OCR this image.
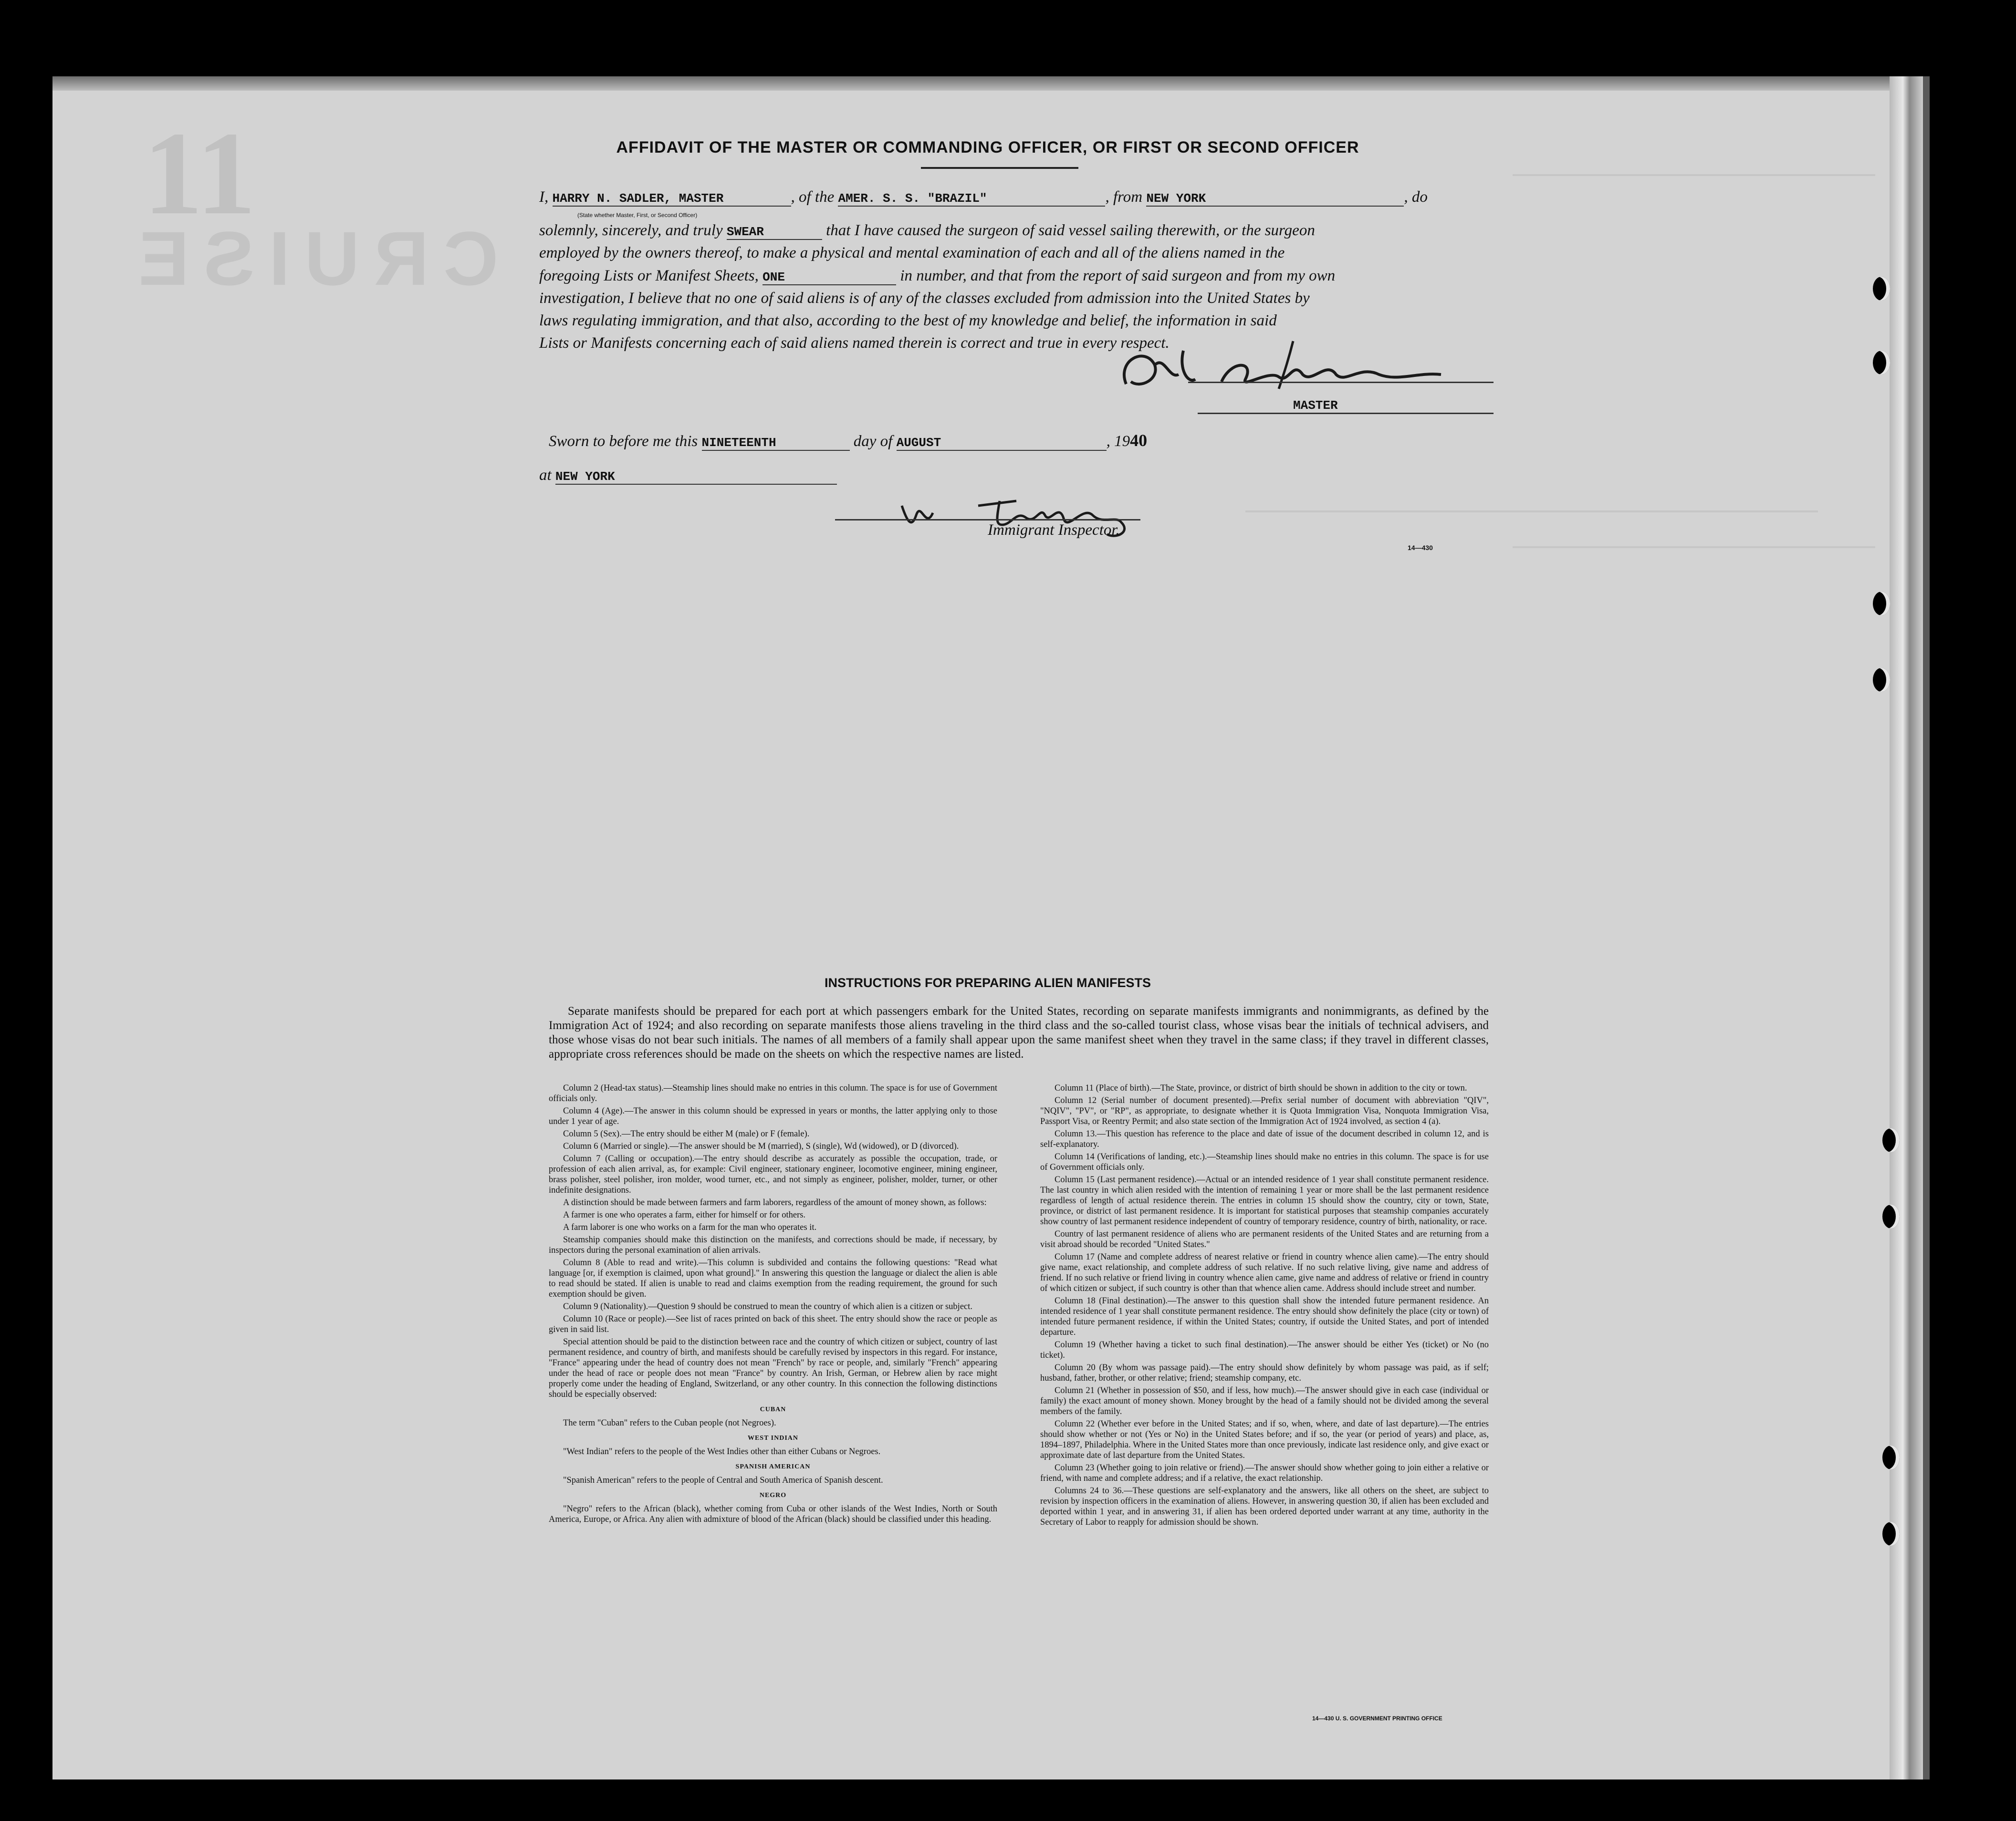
11
CRUISE
AFFIDAVIT OF THE MASTER OR COMMANDING OFFICER, OR FIRST OR SECOND OFFICER
I, HARRY N. SADLER, MASTER	, of the AMER. S. S. "BRAZIL"	, from NEW YORK	, do
(State whether Master, First, or Second Officer)
solemnly, sincerely, and truly SWEAR	that I have caused the surgeon of said vessel sailing therewith, or the surgeon
employed by the owners thereof, to make a physical and mental examination of each and all of the aliens named in the
foregoing Lists or Manifest Sheets, ONE	in number, and that from the report of said surgeon and from my own
investigation, I believe that no one of said aliens is of any of the classes excluded from admission into the United States by
laws regulating immigration, and that also, according to the best of my knowledge and belief, the information in said
Lists or Manifests concerning each of said aliens named therein is correct and true in every respect.
MASTER
Sworn to before me this NINETEENTH	day of AUGUST	, 1940
at NEW YORK
Immigrant Inspector.
14—430
INSTRUCTIONS FOR PREPARING ALIEN MANIFESTS
Separate manifests should be prepared for each port at which passengers embark for the United States, recording on separate manifests immigrants and nonimmigrants, as defined by the Immigration Act of 1924; and also recording on separate manifests those aliens traveling in the third class and the so-called tourist class, whose visas bear the initials of technical advisers, and those whose visas do not bear such initials. The names of all members of a family shall appear upon the same manifest sheet when they travel in the same class; if they travel in different classes, appropriate cross references should be made on the sheets on which the respective names are listed.

Column 2 (Head-tax status).—Steamship lines should make no entries in this column. The space is for use of Government officials only.

Column 4 (Age).—The answer in this column should be expressed in years or months, the latter applying only to those under 1 year of age.

Column 5 (Sex).—The entry should be either M (male) or F (female).

Column 6 (Married or single).—The answer should be M (married), S (single), Wd (widowed), or D (divorced).

Column 7 (Calling or occupation).—The entry should describe as accurately as possible the occupation, trade, or profession of each alien arrival, as, for example: Civil engineer, stationary engineer, locomotive engineer, mining engineer, brass polisher, steel polisher, iron molder, wood turner, etc., and not simply as engineer, polisher, molder, turner, or other indefinite designations.

A distinction should be made between farmers and farm laborers, regardless of the amount of money shown, as follows:

A farmer is one who operates a farm, either for himself or for others.

A farm laborer is one who works on a farm for the man who operates it.

Steamship companies should make this distinction on the manifests, and corrections should be made, if necessary, by inspectors during the personal examination of alien arrivals.

Column 8 (Able to read and write).—This column is subdivided and contains the following questions: "Read what language [or, if exemption is claimed, upon what ground]." In answering this question the language or dialect the alien is able to read should be stated. If alien is unable to read and claims exemption from the reading requirement, the ground for such exemption should be given.

Column 9 (Nationality).—Question 9 should be construed to mean the country of which alien is a citizen or subject.

Column 10 (Race or people).—See list of races printed on back of this sheet. The entry should show the race or people as given in said list.

Special attention should be paid to the distinction between race and the country of which citizen or subject, country of last permanent residence, and country of birth, and manifests should be carefully revised by inspectors in this regard. For instance, "France" appearing under the head of country does not mean "French" by race or people, and, similarly "French" appearing under the head of race or people does not mean "France" by country. An Irish, German, or Hebrew alien by race might properly come under the heading of England, Switzerland, or any other country. In this connection the following distinctions should be especially observed:

CUBAN

The term "Cuban" refers to the Cuban people (not Negroes).

WEST INDIAN

"West Indian" refers to the people of the West Indies other than either Cubans or Negroes.

SPANISH AMERICAN

"Spanish American" refers to the people of Central and South America of Spanish descent.

NEGRO

"Negro" refers to the African (black), whether coming from Cuba or other islands of the West Indies, North or South America, Europe, or Africa. Any alien with admixture of blood of the African (black) should be classified under this heading.

Column 11 (Place of birth).—The State, province, or district of birth should be shown in addition to the city or town.

Column 12 (Serial number of document presented).—Prefix serial number of document with abbreviation "QIV", "NQIV", "PV", or "RP", as appropriate, to designate whether it is Quota Immigration Visa, Nonquota Immigration Visa, Passport Visa, or Reentry Permit; and also state section of the Immigration Act of 1924 involved, as section 4 (a).

Column 13.—This question has reference to the place and date of issue of the document described in column 12, and is self-explanatory.

Column 14 (Verifications of landing, etc.).—Steamship lines should make no entries in this column. The space is for use of Government officials only.

Column 15 (Last permanent residence).—Actual or an intended residence of 1 year shall constitute permanent residence. The last country in which alien resided with the intention of remaining 1 year or more shall be the last permanent residence regardless of length of actual residence therein. The entries in column 15 should show the country, city or town, State, province, or district of last permanent residence. It is important for statistical purposes that steamship companies accurately show country of last permanent residence independent of country of temporary residence, country of birth, nationality, or race.

Country of last permanent residence of aliens who are permanent residents of the United States and are returning from a visit abroad should be recorded "United States."

Column 17 (Name and complete address of nearest relative or friend in country whence alien came).—The entry should give name, exact relationship, and complete address of such relative. If no such relative living, give name and address of friend. If no such relative or friend living in country whence alien came, give name and address of relative or friend in country of which citizen or subject, if such country is other than that whence alien came. Address should include street and number.

Column 18 (Final destination).—The answer to this question shall show the intended future permanent residence. An intended residence of 1 year shall constitute permanent residence. The entry should show definitely the place (city or town) of intended future permanent residence, if within the United States; country, if outside the United States, and port of intended departure.

Column 19 (Whether having a ticket to such final destination).—The answer should be either Yes (ticket) or No (no ticket).

Column 20 (By whom was passage paid).—The entry should show definitely by whom passage was paid, as if self; husband, father, brother, or other relative; friend; steamship company, etc.

Column 21 (Whether in possession of $50, and if less, how much).—The answer should give in each case (individual or family) the exact amount of money shown. Money brought by the head of a family should not be divided among the several members of the family.

Column 22 (Whether ever before in the United States; and if so, when, where, and date of last departure).—The entries should show whether or not (Yes or No) in the United States before; and if so, the year (or period of years) and place, as, 1894–1897, Philadelphia. Where in the United States more than once previously, indicate last residence only, and give exact or approximate date of last departure from the United States.

Column 23 (Whether going to join relative or friend).—The answer should show whether going to join either a relative or friend, with name and complete address; and if a relative, the exact relationship.

Columns 24 to 36.—These questions are self-explanatory and the answers, like all others on the sheet, are subject to revision by inspection officers in the examination of aliens. However, in answering question 30, if alien has been excluded and deported within 1 year, and in answering 31, if alien has been ordered deported under warrant at any time, authority in the Secretary of Labor to reapply for admission should be shown.

14—430 U. S. GOVERNMENT PRINTING OFFICE
